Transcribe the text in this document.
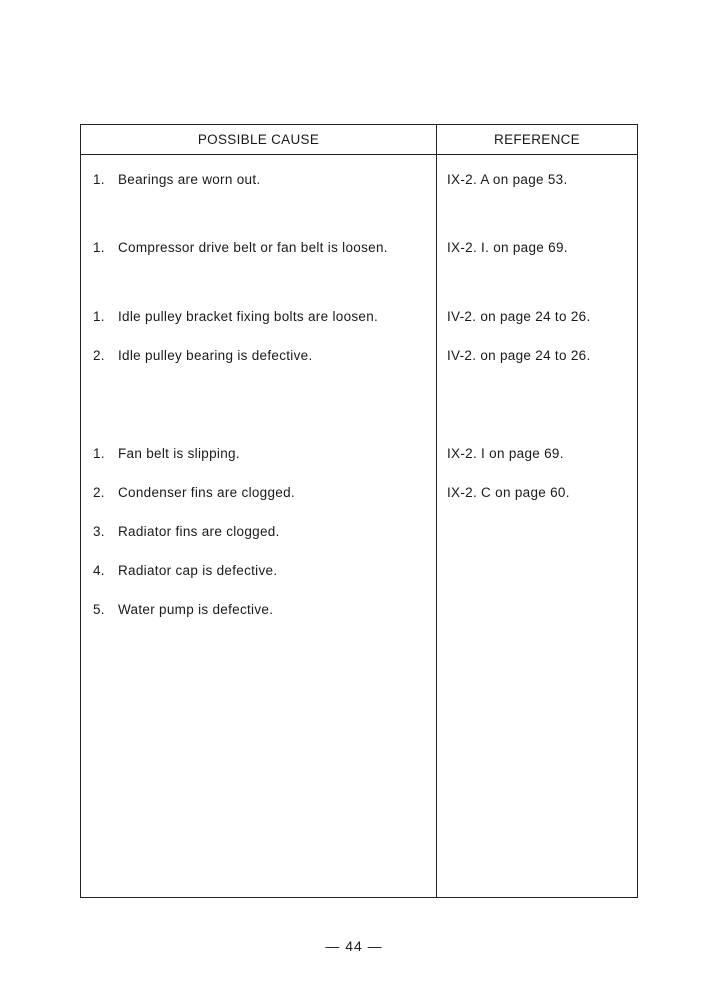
POSSIBLE CAUSE	REFERENCE
1. Bearings are worn out.	IX-2. A on page 53.
1. Compressor drive belt or fan belt is loosen.	IX-2. I. on page 69.
1. Idle pulley bracket fixing bolts are loosen.	IV-2. on page 24 to 26.
2. Idle pulley bearing is defective.	IV-2. on page 24 to 26.
1. Fan belt is slipping.	IX-2. I on page 69.
2. Condenser fins are clogged.	IX-2. C on page 60.
3. Radiator fins are clogged.
4. Radiator cap is defective.
5. Water pump is defective.
— 44 —
